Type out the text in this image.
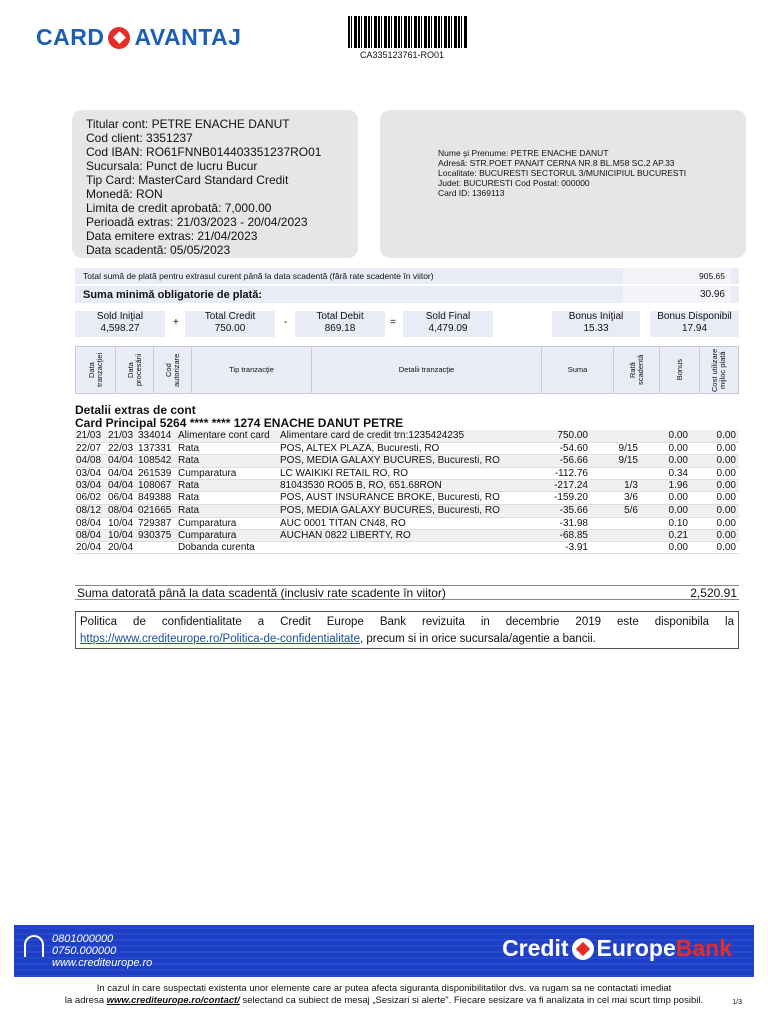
CARD AVANTAJ
CA335123761-RO01
Titular cont: PETRE ENACHE DANUT
Cod client: 3351237
Cod IBAN: RO61FNNB014403351237RO01
Sucursala: Punct de lucru Bucur
Tip Card: MasterCard Standard Credit
Monedă: RON
Limita de credit aprobată: 7,000.00
Perioadă extras: 21/03/2023 - 20/04/2023
Data emitere extras: 21/04/2023
Data scadentă: 05/05/2023
Nume şi Prenume: PETRE ENACHE DANUT
Adresă: STR.POET PANAIT CERNA NR.8 BL.M58 SC.2 AP.33
Localitate: BUCURESTI SECTORUL 3/MUNICIPIUL BUCURESTI
Judet: BUCURESTI Cod Postal: 000000
Card ID: 1369113
Total sumă de plată pentru extrasul curent până la data scadentă (fără rate scadente în viitor)	905.65
Suma minimă obligatorie de plată:	30.96
Sold Iniţial
4,598.27
+
Total Credit
750.00
-
Total Debit
869.18
=
Sold Final
4,479.09
Bonus Iniţial
15.33
Bonus Disponibil
17.94
Data tranzacţiei	Data procesării	Cod autorizare	Tip tranzacţie	Detalii tranzacţie	Suma	Rată scadentă	Bonus	Cost utilizare mijloc plată
Detalii extras de cont
Card Principal 5264 **** **** 1274 ENACHE DANUT PETRE
21/03 21/03 334014 Alimentare cont card	Alimentare card de credit trn:1235424235	750.00	0.00	0.00
22/07 22/03 137331 Rata	POS, ALTEX PLAZA, Bucuresti, RO	-54.60	9/15	0.00	0.00
04/08 04/04 108542 Rata	POS, MEDIA GALAXY BUCURES, Bucuresti, RO	-56.66	9/15	0.00	0.00
03/04 04/04 261539 Cumparatura	LC WAIKIKI RETAIL RO, RO	-112.76	0.34	0.00
03/04 04/04 108067 Rata	81043530 RO05 B, RO, 651.68RON	-217.24	1/3	1.96	0.00
06/02 06/04 849388 Rata	POS, AUST INSURANCE BROKE, Bucuresti, RO	-159.20	3/6	0.00	0.00
08/12 08/04 021665 Rata	POS, MEDIA GALAXY BUCURES, Bucuresti, RO	-35.66	5/6	0.00	0.00
08/04 10/04 729387 Cumparatura	AUC 0001 TITAN CN48, RO	-31.98	0.10	0.00
08/04 10/04 930375 Cumparatura	AUCHAN 0822 LIBERTY, RO	-68.85	0.21	0.00
20/04 20/04	Dobanda curenta	-3.91	0.00	0.00
Suma datorată până la data scadentă (inclusiv rate scadente în viitor)	2,520.91
Politica de confidentialitate a Credit Europe Bank revizuita in decembrie 2019 este disponibila la https://www.crediteurope.ro/Politica-de-confidentialitate, precum si in orice sucursala/agentie a bancii.
0801000000
0750.000000
www.crediteurope.ro
Credit Europe Bank
In cazul in care suspectati existenta unor elemente care ar putea afecta siguranta disponibilitatilor dvs. va rugam sa ne contactati imediat
la adresa www.crediteurope.ro/contact/ selectand ca subiect de mesaj „Sesizari si alerte". Fiecare sesizare va fi analizata in cel mai scurt timp posibil.	1/3
